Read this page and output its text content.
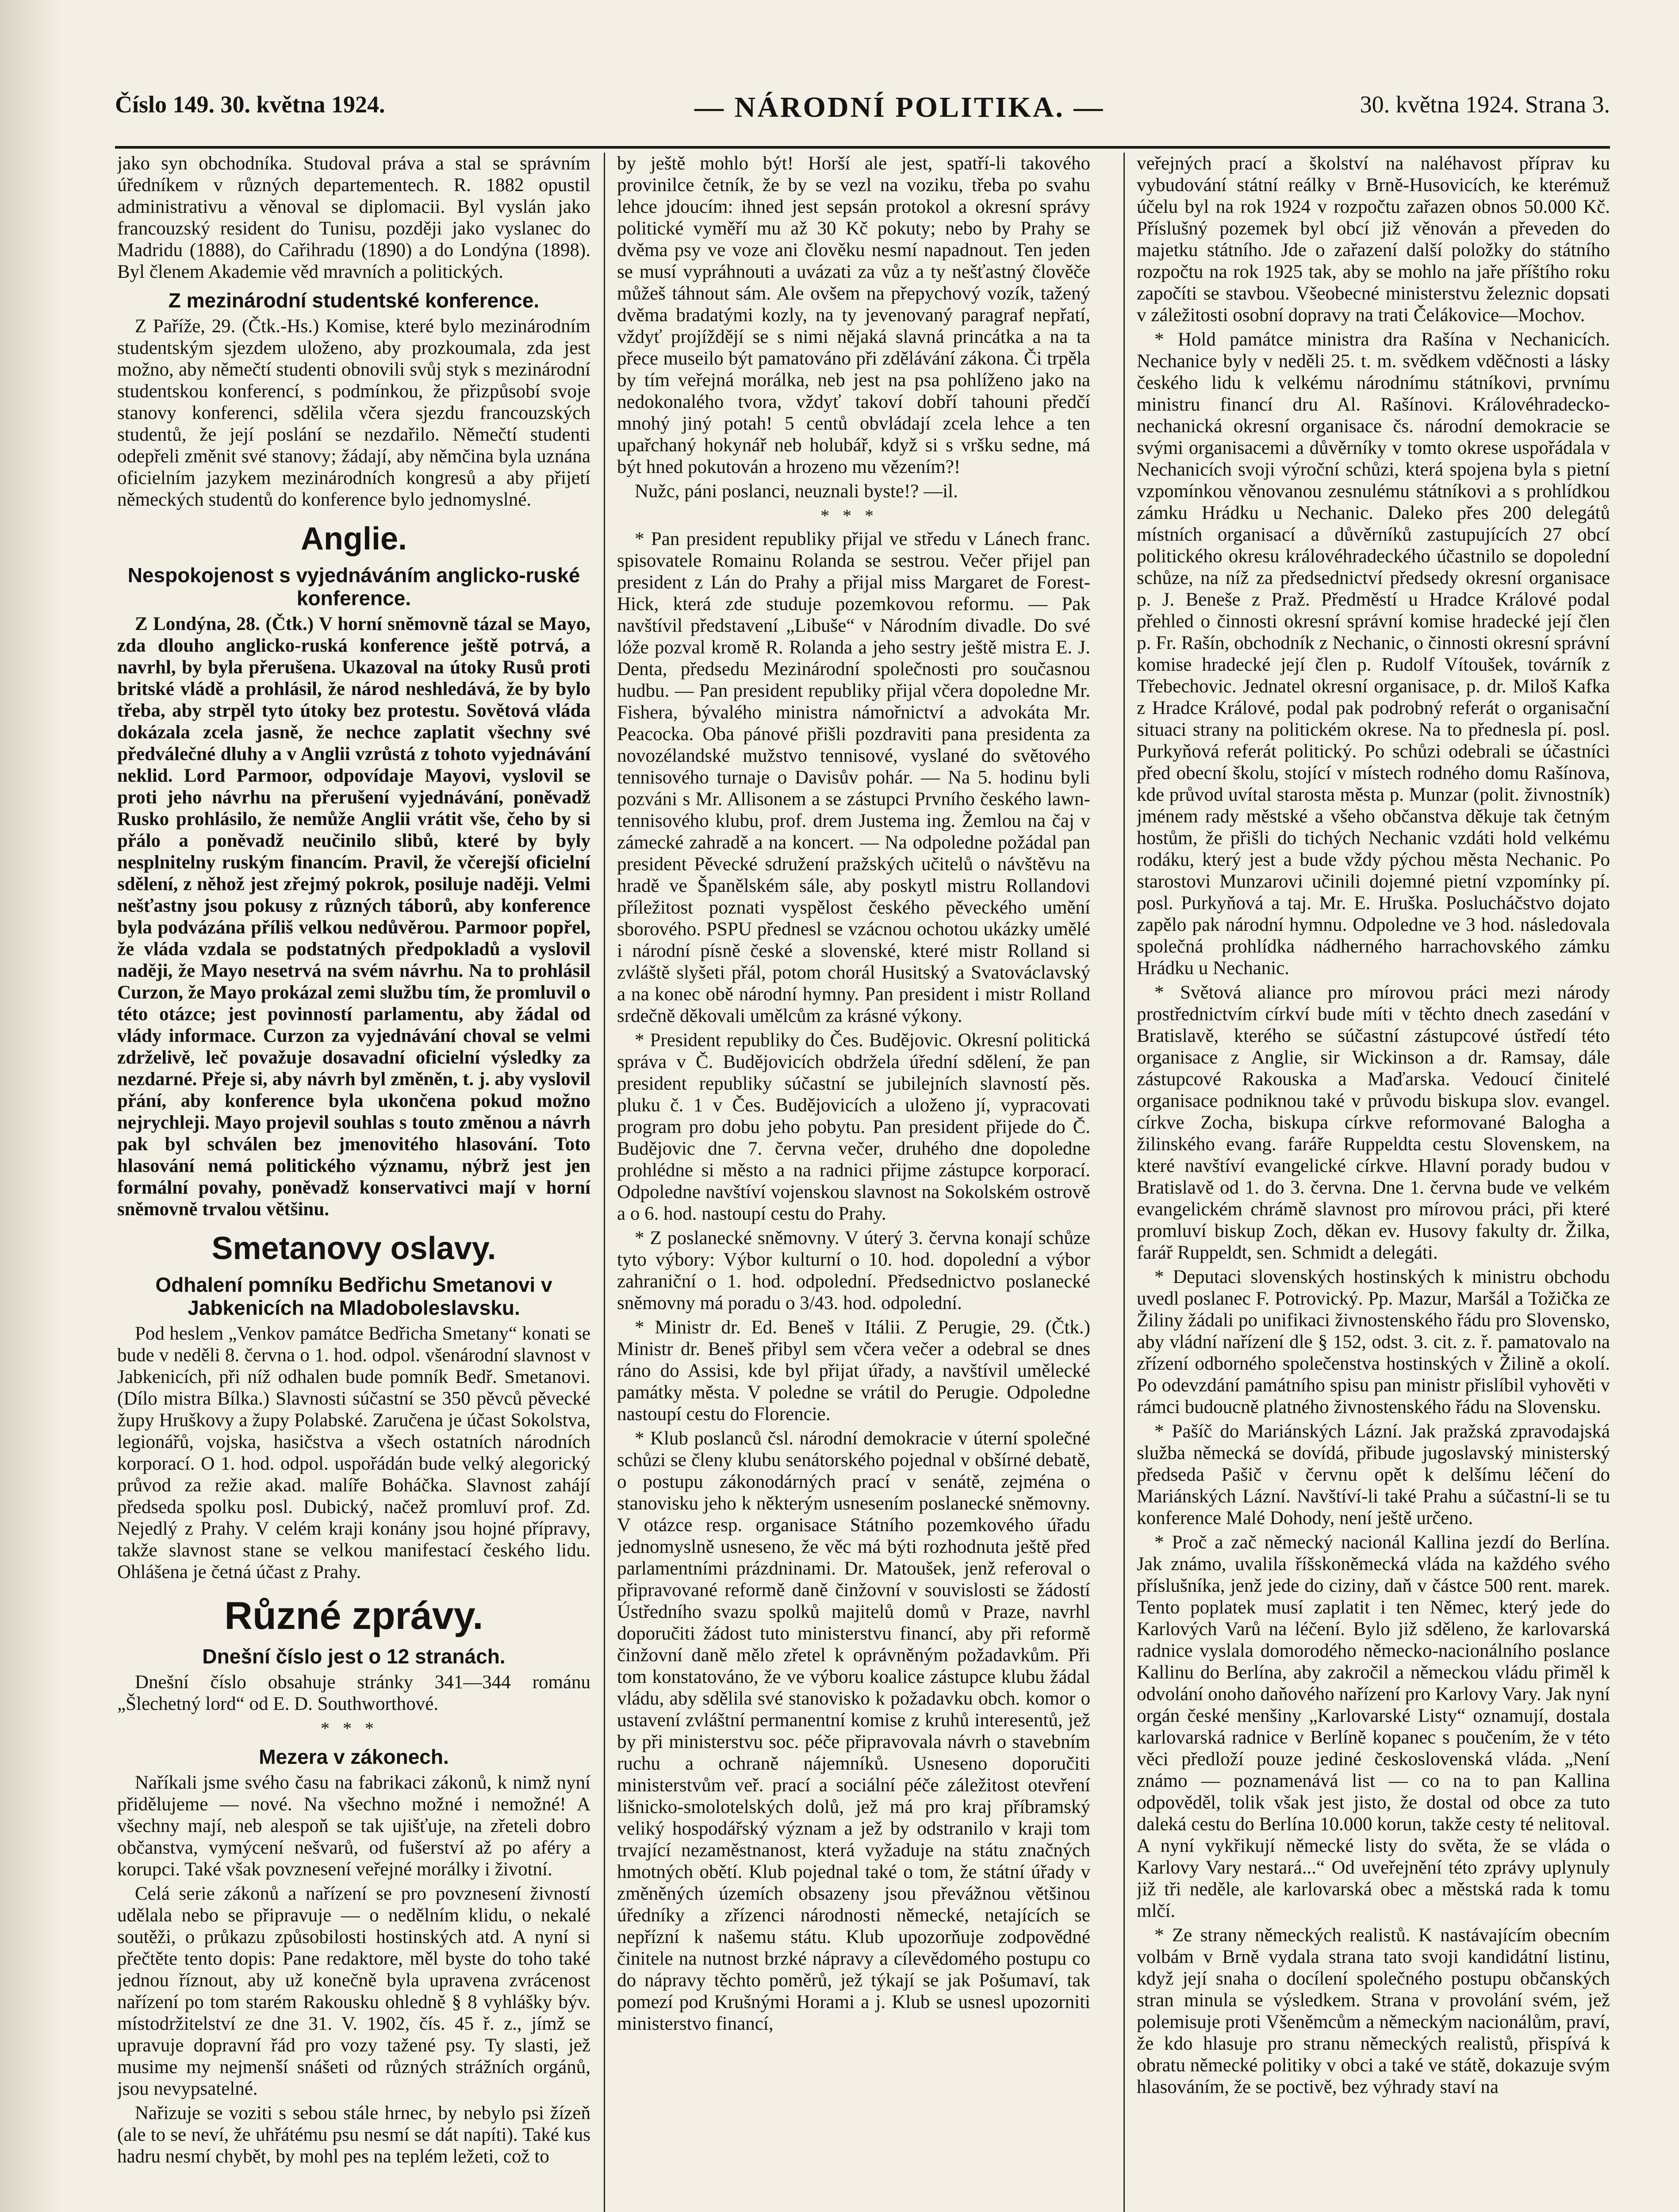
Číslo 149. 30. května 1924.	— NÁRODNÍ POLITIKA. —	30. května 1924. Strana 3.

jako syn obchodníka. Studoval práva a stal se správním úředníkem v různých departementech. R. 1882 opustil administrativu a věnoval se diplomacii. Byl vyslán jako francouzský resident do Tunisu, později jako vyslanec do Madridu (1888), do Cařihradu (1890) a do Londýna (1898). Byl členem Akademie věd mravních a politických.

Z mezinárodní studentské konference.

Z Paříže, 29. (Čtk.-Hs.) Komise, které bylo mezinárodním studentským sjezdem uloženo, aby prozkoumala, zda jest možno, aby němečtí studenti obnovili svůj styk s mezinárodní studentskou konferencí, s podmínkou, že přizpůsobí svoje stanovy konferenci, sdělila včera sjezdu francouzských studentů, že její poslání se nezdařilo. Němečtí studenti odepřeli změnit své stanovy; žádají, aby němčina byla uznána oficielním jazykem mezinárodních kongresů a aby přijetí německých studentů do konference bylo jednomyslné.

Anglie.
Nespokojenost s vyjednáváním anglicko-ruské konference.

Z Londýna, 28. (Čtk.) V horní sněmovně tázal se Mayo, zda dlouho anglicko-ruská konference ještě potrvá, a navrhl, by byla přerušena. Ukazoval na útoky Rusů proti britské vládě a prohlásil, že národ neshledává, že by bylo třeba, aby strpěl tyto útoky bez protestu. Sovětová vláda dokázala zcela jasně, že nechce zaplatit všechny své předválečné dluhy a v Anglii vzrůstá z tohoto vyjednávání neklid. Lord Parmoor, odpovídaje Mayovi, vyslovil se proti jeho návrhu na přerušení vyjednávání, poněvadž Rusko prohlásilo, že nemůže Anglii vrátit vše, čeho by si přálo a poněvadž neučinilo slibů, které by byly nesplnitelny ruským financím. Pravil, že včerejší oficielní sdělení, z něhož jest zřejmý pokrok, posiluje naději. Velmi nešťastny jsou pokusy z různých táborů, aby konference byla podvázána příliš velkou nedůvěrou. Parmoor popřel, že vláda vzdala se podstatných předpokladů a vyslovil naději, že Mayo nesetrvá na svém návrhu. Na to prohlásil Curzon, že Mayo prokázal zemi službu tím, že promluvil o této otázce; jest povinností parlamentu, aby žádal od vlády informace. Curzon za vyjednávání choval se velmi zdrželivě, leč považuje dosavadní oficielní výsledky za nezdarné. Přeje si, aby návrh byl změněn, t. j. aby vyslovil přání, aby konference byla ukončena pokud možno nejrychleji. Mayo projevil souhlas s touto změnou a návrh pak byl schválen bez jmenovitého hlasování. Toto hlasování nemá politického významu, nýbrž jest jen formální povahy, poněvadž konservativci mají v horní sněmovně trvalou většinu.

Smetanovy oslavy.
Odhalení pomníku Bedřichu Smetanovi v Jabkenicích na Mladoboleslavsku.

Pod heslem „Venkov památce Bedřicha Smetany“ konati se bude v neděli 8. června o 1. hod. odpol. všenárodní slavnost v Jabkenicích, při níž odhalen bude pomník Bedř. Smetanovi. (Dílo mistra Bílka.) Slavnosti súčastní se 350 pěvců pěvecké župy Hruškovy a župy Polabské. Zaručena je účast Sokolstva, legionářů, vojska, hasičstva a všech ostatních národních korporací. O 1. hod. odpol. uspořádán bude velký alegorický průvod za režie akad. malíře Boháčka. Slavnost zahájí předseda spolku posl. Dubický, načež promluví prof. Zd. Nejedlý z Prahy. V celém kraji konány jsou hojné přípravy, takže slavnost stane se velkou manifestací českého lidu. Ohlášena je četná účast z Prahy.

Různé zprávy.
Dnešní číslo jest o 12 stranách.

Dnešní číslo obsahuje stránky 341—344 románu „Šlechetný lord“ od E. D. Southworthové.

***
Mezera v zákonech.

Naříkali jsme svého času na fabrikaci zákonů, k nimž nyní přidělujeme — nové. Na všechno možné i nemožné! A všechny mají, neb alespoň se tak ujišťuje, na zřeteli dobro občanstva, vymýcení nešvarů, od fušerství až po aféry a korupci. Také však povznesení veřejné morálky i životní.

Celá serie zákonů a nařízení se pro povznesení živností udělala nebo se připravuje — o nedělním klidu, o nekalé soutěži, o průkazu způsobilosti hostinských atd. A nyní si přečtěte tento dopis: Pane redaktore, měl byste do toho také jednou říznout, aby už konečně byla upravena zvrácenost nařízení po tom starém Rakousku ohledně § 8 vyhlášky býv. místodržitelství ze dne 31. V. 1902, čís. 45 ř. z., jímž se upravuje dopravní řád pro vozy tažené psy. Ty slasti, jež musime my nejmenší snášeti od různých strážních orgánů, jsou nevypsatelné.

Nařizuje se voziti s sebou stále hrnec, by nebylo psi žízeň (ale to se neví, že uhřátému psu nesmí se dát napíti). Také kus hadru nesmí chybět, by mohl pes na teplém ležeti, což to

by ještě mohlo být! Horší ale jest, spatří-li takového provinilce četník, že by se vezl na voziku, třeba po svahu lehce jdoucím: ihned jest sepsán protokol a okresní správy politické vyměří mu až 30 Kč pokuty; nebo by Prahy se dvěma psy ve voze ani člověku nesmí napadnout. Ten jeden se musí vypráhnouti a uvázati za vůz a ty nešťastný člověče můžeš táhnout sám. Ale ovšem na přepychový vozík, tažený dvěma bradatými kozly, na ty jevenovaný paragraf nepřatí, vždyť projíždějí se s nimi nějaká slavná princátka a na ta přece museilo být pamatováno při zdělávání zákona. Či trpěla by tím veřejná morálka, neb jest na psa pohlíženo jako na nedokonalého tvora, vždyť takoví dobří tahouni předčí mnohý jiný potah! 5 centů obvládají zcela lehce a ten upařchaný hokynář neb holubář, když si s vršku sedne, má být hned pokutován a hrozeno mu vězením?!

Nužc, páni poslanci, neuznali byste!? —il.

***

* Pan president republiky přijal ve středu v Lánech franc. spisovatele Romainu Rolanda se sestrou. Večer přijel pan president z Lán do Prahy a přijal miss Margaret de Forest-Hick, která zde studuje pozemkovou reformu. — Pak navštívil představení „Libuše“ v Národním divadle. Do své lóže pozval kromě R. Rolanda a jeho sestry ještě mistra E. J. Denta, předsedu Mezinárodní společnosti pro současnou hudbu. — Pan president republiky přijal včera dopoledne Mr. Fishera, bývalého ministra námořnictví a advokáta Mr. Peacocka. Oba pánové přišli pozdraviti pana presidenta za novozélandské mužstvo tennisové, vyslané do světového tennisového turnaje o Davisův pohár. — Na 5. hodinu byli pozváni s Mr. Allisonem a se zástupci Prvního českého lawn-tennisového klubu, prof. drem Justema ing. Žemlou na čaj v zámecké zahradě a na koncert. — Na odpoledne požádal pan president Pěvecké sdružení pražských učitelů o návštěvu na hradě ve Španělském sále, aby poskytl mistru Rollandovi příležitost poznati vyspělost českého pěveckého umění sborového. PSPU přednesl se vzácnou ochotou ukázky umělé i národní písně české a slovenské, které mistr Rolland si zvláště slyšeti přál, potom chorál Husitský a Svatováclavský a na konec obě národní hymny. Pan president i mistr Rolland srdečně děkovali umělcům za krásné výkony.

* President republiky do Čes. Budějovic. Okresní politická správa v Č. Budějovicích obdržela úřední sdělení, že pan president republiky súčastní se jubilejních slavností pěs. pluku č. 1 v Čes. Budějovicích a uloženo jí, vypracovati program pro dobu jeho pobytu. Pan president přijede do Č. Budějovic dne 7. června večer, druhého dne dopoledne prohlédne si město a na radnici přijme zástupce korporací. Odpoledne navštíví vojenskou slavnost na Sokolském ostrově a o 6. hod. nastoupí cestu do Prahy.

* Z poslanecké sněmovny. V úterý 3. června konají schůze tyto výbory: Výbor kulturní o 10. hod. dopolední a výbor zahraniční o 1. hod. odpolední. Předsednictvo poslanecké sněmovny má poradu o 3/43. hod. odpolední.

* Ministr dr. Ed. Beneš v Itálii. Z Perugie, 29. (Čtk.) Ministr dr. Beneš přibyl sem včera večer a odebral se dnes ráno do Assisi, kde byl přijat úřady, a navštívil umělecké památky města. V poledne se vrátil do Perugie. Odpoledne nastoupí cestu do Florencie.

* Klub poslanců čsl. národní demokracie v úterní společné schůzi se členy klubu senátorského pojednal v obšírné debatě, o postupu zákonodárných prací v senátě, zejména o stanovisku jeho k některým usnesením poslanecké sněmovny. V otázce resp. organisace Státního pozemkového úřadu jednomyslně usneseno, že věc má býti rozhodnuta ještě před parlamentními prázdninami. Dr. Matoušek, jenž referoval o připravované reformě daně činžovní v souvislosti se žádostí Ústředního svazu spolků majitelů domů v Praze, navrhl doporučiti žádost tuto ministerstvu financí, aby při reformě činžovní daně mělo zřetel k oprávněným požadavkům. Při tom konstatováno, že ve výboru koalice zástupce klubu žádal vládu, aby sdělila své stanovisko k požadavku obch. komor o ustavení zvláštní permanentní komise z kruhů interesentů, jež by při ministerstvu soc. péče připravovala návrh o stavebním ruchu a ochraně nájemníků. Usneseno doporučiti ministerstvům veř. prací a sociální péče záležitost otevření lišnicko-smolotelských dolů, jež má pro kraj příbramský veliký hospodářský význam a jež by odstranilo v kraji tom trvající nezaměstnanost, která vyžaduje na státu značných hmotných obětí. Klub pojednal také o tom, že státní úřady v změněných územích obsazeny jsou převážnou většinou úředníky a zřízenci národnosti německé, netajících se nepřízní k našemu státu. Klub upozorňuje zodpovědné činitele na nutnost brzké nápravy a cílevědomého postupu co do nápravy těchto poměrů, jež týkají se jak Pošumaví, tak pomezí pod Krušnými Horami a j. Klub se usnesl upozorniti ministerstvo financí,

veřejných prací a školství na naléhavost příprav ku vybudování státní reálky v Brně-Husovicích, ke kterémuž účelu byl na rok 1924 v rozpočtu zařazen obnos 50.000 Kč. Příslušný pozemek byl obcí již věnován a převeden do majetku státního. Jde o zařazení další položky do státního rozpočtu na rok 1925 tak, aby se mohlo na jaře příštího roku započíti se stavbou. Všeobecné ministerstvu železnic dopsati v záležitosti osobní dopravy na trati Čelákovice—Mochov.

* Hold památce ministra dra Rašína v Nechanicích. Nechanice byly v neděli 25. t. m. svědkem vděčnosti a lásky českého lidu k velkému národnímu státníkovi, prvnímu ministru financí dru Al. Rašínovi. Královéhradecko-nechanická okresní organisace čs. národní demokracie se svými organisacemi a důvěrníky v tomto okrese uspořádala v Nechanicích svoji výroční schůzi, která spojena byla s pietní vzpomínkou věnovanou zesnulému státníkovi a s prohlídkou zámku Hrádku u Nechanic. Daleko přes 200 delegátů místních organisací a důvěrníků zastupujících 27 obcí politického okresu královéhradeckého účastnilo se dopolední schůze, na níž za předsednictví předsedy okresní organisace p. J. Beneše z Praž. Předměstí u Hradce Králové podal přehled o činnosti okresní správní komise hradecké její člen p. Fr. Rašín, obchodník z Nechanic, o činnosti okresní správní komise hradecké její člen p. Rudolf Vítoušek, továrník z Třebechovic. Jednatel okresní organisace, p. dr. Miloš Kafka z Hradce Králové, podal pak podrobný referát o organisační situaci strany na politickém okrese. Na to přednesla pí. posl. Purkyňová referát politický. Po schůzi odebrali se účastníci před obecní školu, stojící v místech rodného domu Rašínova, kde průvod uvítal starosta města p. Munzar (polit. živnostník) jménem rady městské a všeho občanstva děkuje tak četným hostům, že přišli do tichých Nechanic vzdáti hold velkému rodáku, který jest a bude vždy pýchou města Nechanic. Po starostovi Munzarovi učinili dojemné pietní vzpomínky pí. posl. Purkyňová a taj. Mr. E. Hruška. Poslucháčstvo dojato zapělo pak národní hymnu. Odpoledne ve 3 hod. následovala společná prohlídka nádherného harrachovského zámku Hrádku u Nechanic.

* Světová aliance pro mírovou práci mezi národy prostřednictvím církví bude míti v těchto dnech zasedání v Bratislavě, kterého se súčastní zástupcové ústředí této organisace z Anglie, sir Wickinson a dr. Ramsay, dále zástupcové Rakouska a Maďarska. Vedoucí činitelé organisace podniknou také v průvodu biskupa slov. evangel. církve Zocha, biskupa církve reformované Balogha a žilinského evang. faráře Ruppeldta cestu Slovenskem, na které navštíví evangelické církve. Hlavní porady budou v Bratislavě od 1. do 3. června. Dne 1. června bude ve velkém evangelickém chrámě slavnost pro mírovou práci, při které promluví biskup Zoch, děkan ev. Husovy fakulty dr. Žilka, farář Ruppeldt, sen. Schmidt a delegáti.

* Deputaci slovenských hostinských k ministru obchodu uvedl poslanec F. Potrovický. Pp. Mazur, Maršál a Tožička ze Žiliny žádali po unifikaci živnostenského řádu pro Slovensko, aby vládní nařízení dle § 152, odst. 3. cit. z. ř. pamatovalo na zřízení odborného společenstva hostinských v Žilině a okolí. Po odevzdání památního spisu pan ministr přislíbil vyhověti v rámci budoucně platného živnostenského řádu na Slovensku.

* Pašíč do Mariánských Lázní. Jak pražská zpravodajská služba německá se dovídá, přibude jugoslavský ministerský předseda Pašič v červnu opět k delšímu léčení do Mariánských Lázní. Navštíví-li také Prahu a súčastní-li se tu konference Malé Dohody, není ještě určeno.

* Proč a zač německý nacionál Kallina jezdí do Berlína. Jak známo, uvalila říšskoněmecká vláda na každého svého příslušníka, jenž jede do ciziny, daň v částce 500 rent. marek. Tento poplatek musí zaplatit i ten Němec, který jede do Karlových Varů na léčení. Bylo již sděleno, že karlovarská radnice vyslala domorodého německo-nacionálního poslance Kallinu do Berlína, aby zakročil a německou vládu přiměl k odvolání onoho daňového nařízení pro Karlovy Vary. Jak nyní orgán české menšiny „Karlovarské Listy“ oznamují, dostala karlovarská radnice v Berlíně kopanec s poučením, že v této věci předloží pouze jediné československá vláda. „Není známo — poznamenává list — co na to pan Kallina odpověděl, tolik však jest jisto, že dostal od obce za tuto daleká cestu do Berlína 10.000 korun, takže cesty té nelitoval. A nyní vykřikují německé listy do světa, že se vláda o Karlovy Vary nestará...“ Od uveřejnění této zprávy uplynuly již tři neděle, ale karlovarská obec a městská rada k tomu mlčí.

* Ze strany německých realistů. K nastávajícím obecním volbám v Brně vydala strana tato svoji kandidátní listinu, když její snaha o docílení společného postupu občanských stran minula se výsledkem. Strana v provolání svém, jež polemisuje proti Všeněmcům a německým nacionálům, praví, že kdo hlasuje pro stranu německých realistů, přispívá k obratu německé politiky v obci a také ve státě, dokazuje svým hlasováním, že se poctivě, bez výhrady staví na
